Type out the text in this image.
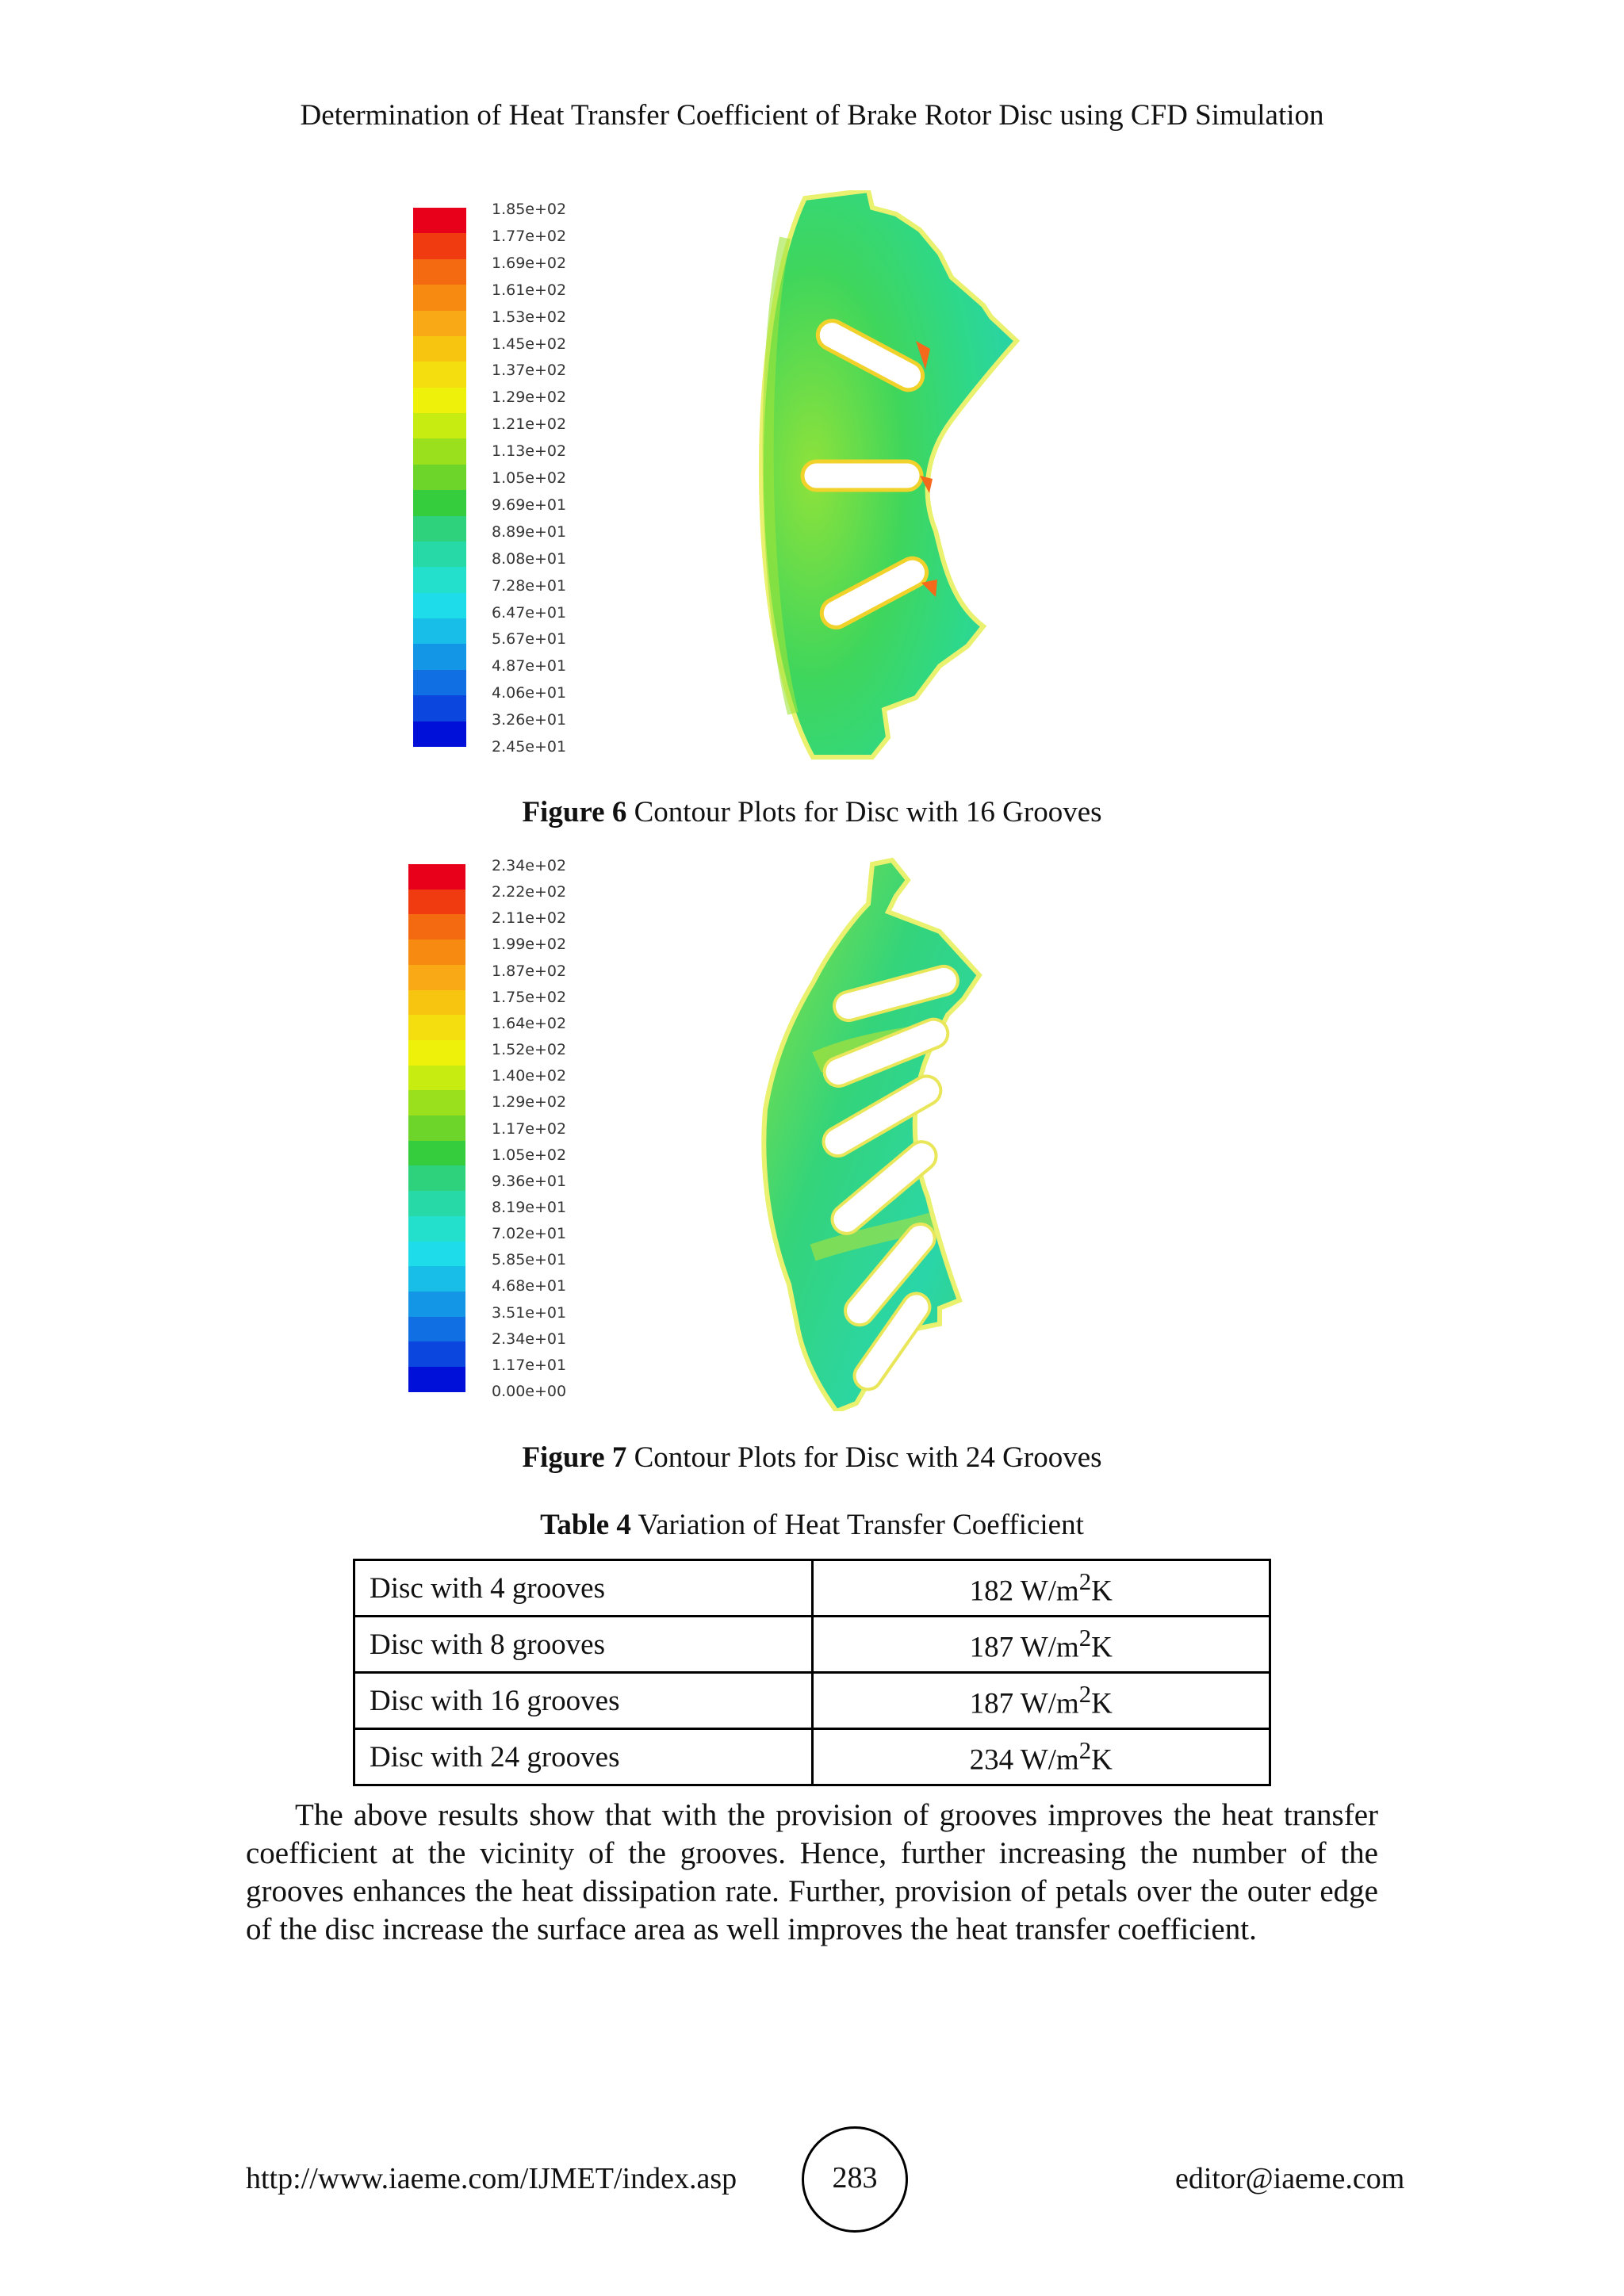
Determination of Heat Transfer Coefficient of Brake Rotor Disc using CFD Simulation
1.85e+02
1.77e+02
1.69e+02
1.61e+02
1.53e+02
1.45e+02
1.37e+02
1.29e+02
1.21e+02
1.13e+02
1.05e+02
9.69e+01
8.89e+01
8.08e+01
7.28e+01
6.47e+01
5.67e+01
4.87e+01
4.06e+01
3.26e+01
2.45e+01
Figure 6 Contour Plots for Disc with 16 Grooves
2.34e+02
2.22e+02
2.11e+02
1.99e+02
1.87e+02
1.75e+02
1.64e+02
1.52e+02
1.40e+02
1.29e+02
1.17e+02
1.05e+02
9.36e+01
8.19e+01
7.02e+01
5.85e+01
4.68e+01
3.51e+01
2.34e+01
1.17e+01
0.00e+00
Figure 7 Contour Plots for Disc with 24 Grooves
Table 4 Variation of Heat Transfer Coefficient
Disc with 4 grooves	182 $W/m^2K$
Disc with 8 grooves	187 $W/m^2K$
Disc with 16 grooves	187 $W/m^2K$
Disc with 24 grooves	234 $W/m^2K$

The above results show that with the provision of grooves improves the heat transfer coefficient at the vicinity of the grooves. Hence, further increasing the number of the grooves enhances the heat dissipation rate. Further, provision of petals over the outer edge of the disc increase the surface area as well improves the heat transfer coefficient.

http://www.iaeme.com/IJMET/index.asp	283	editor@iaeme.com
